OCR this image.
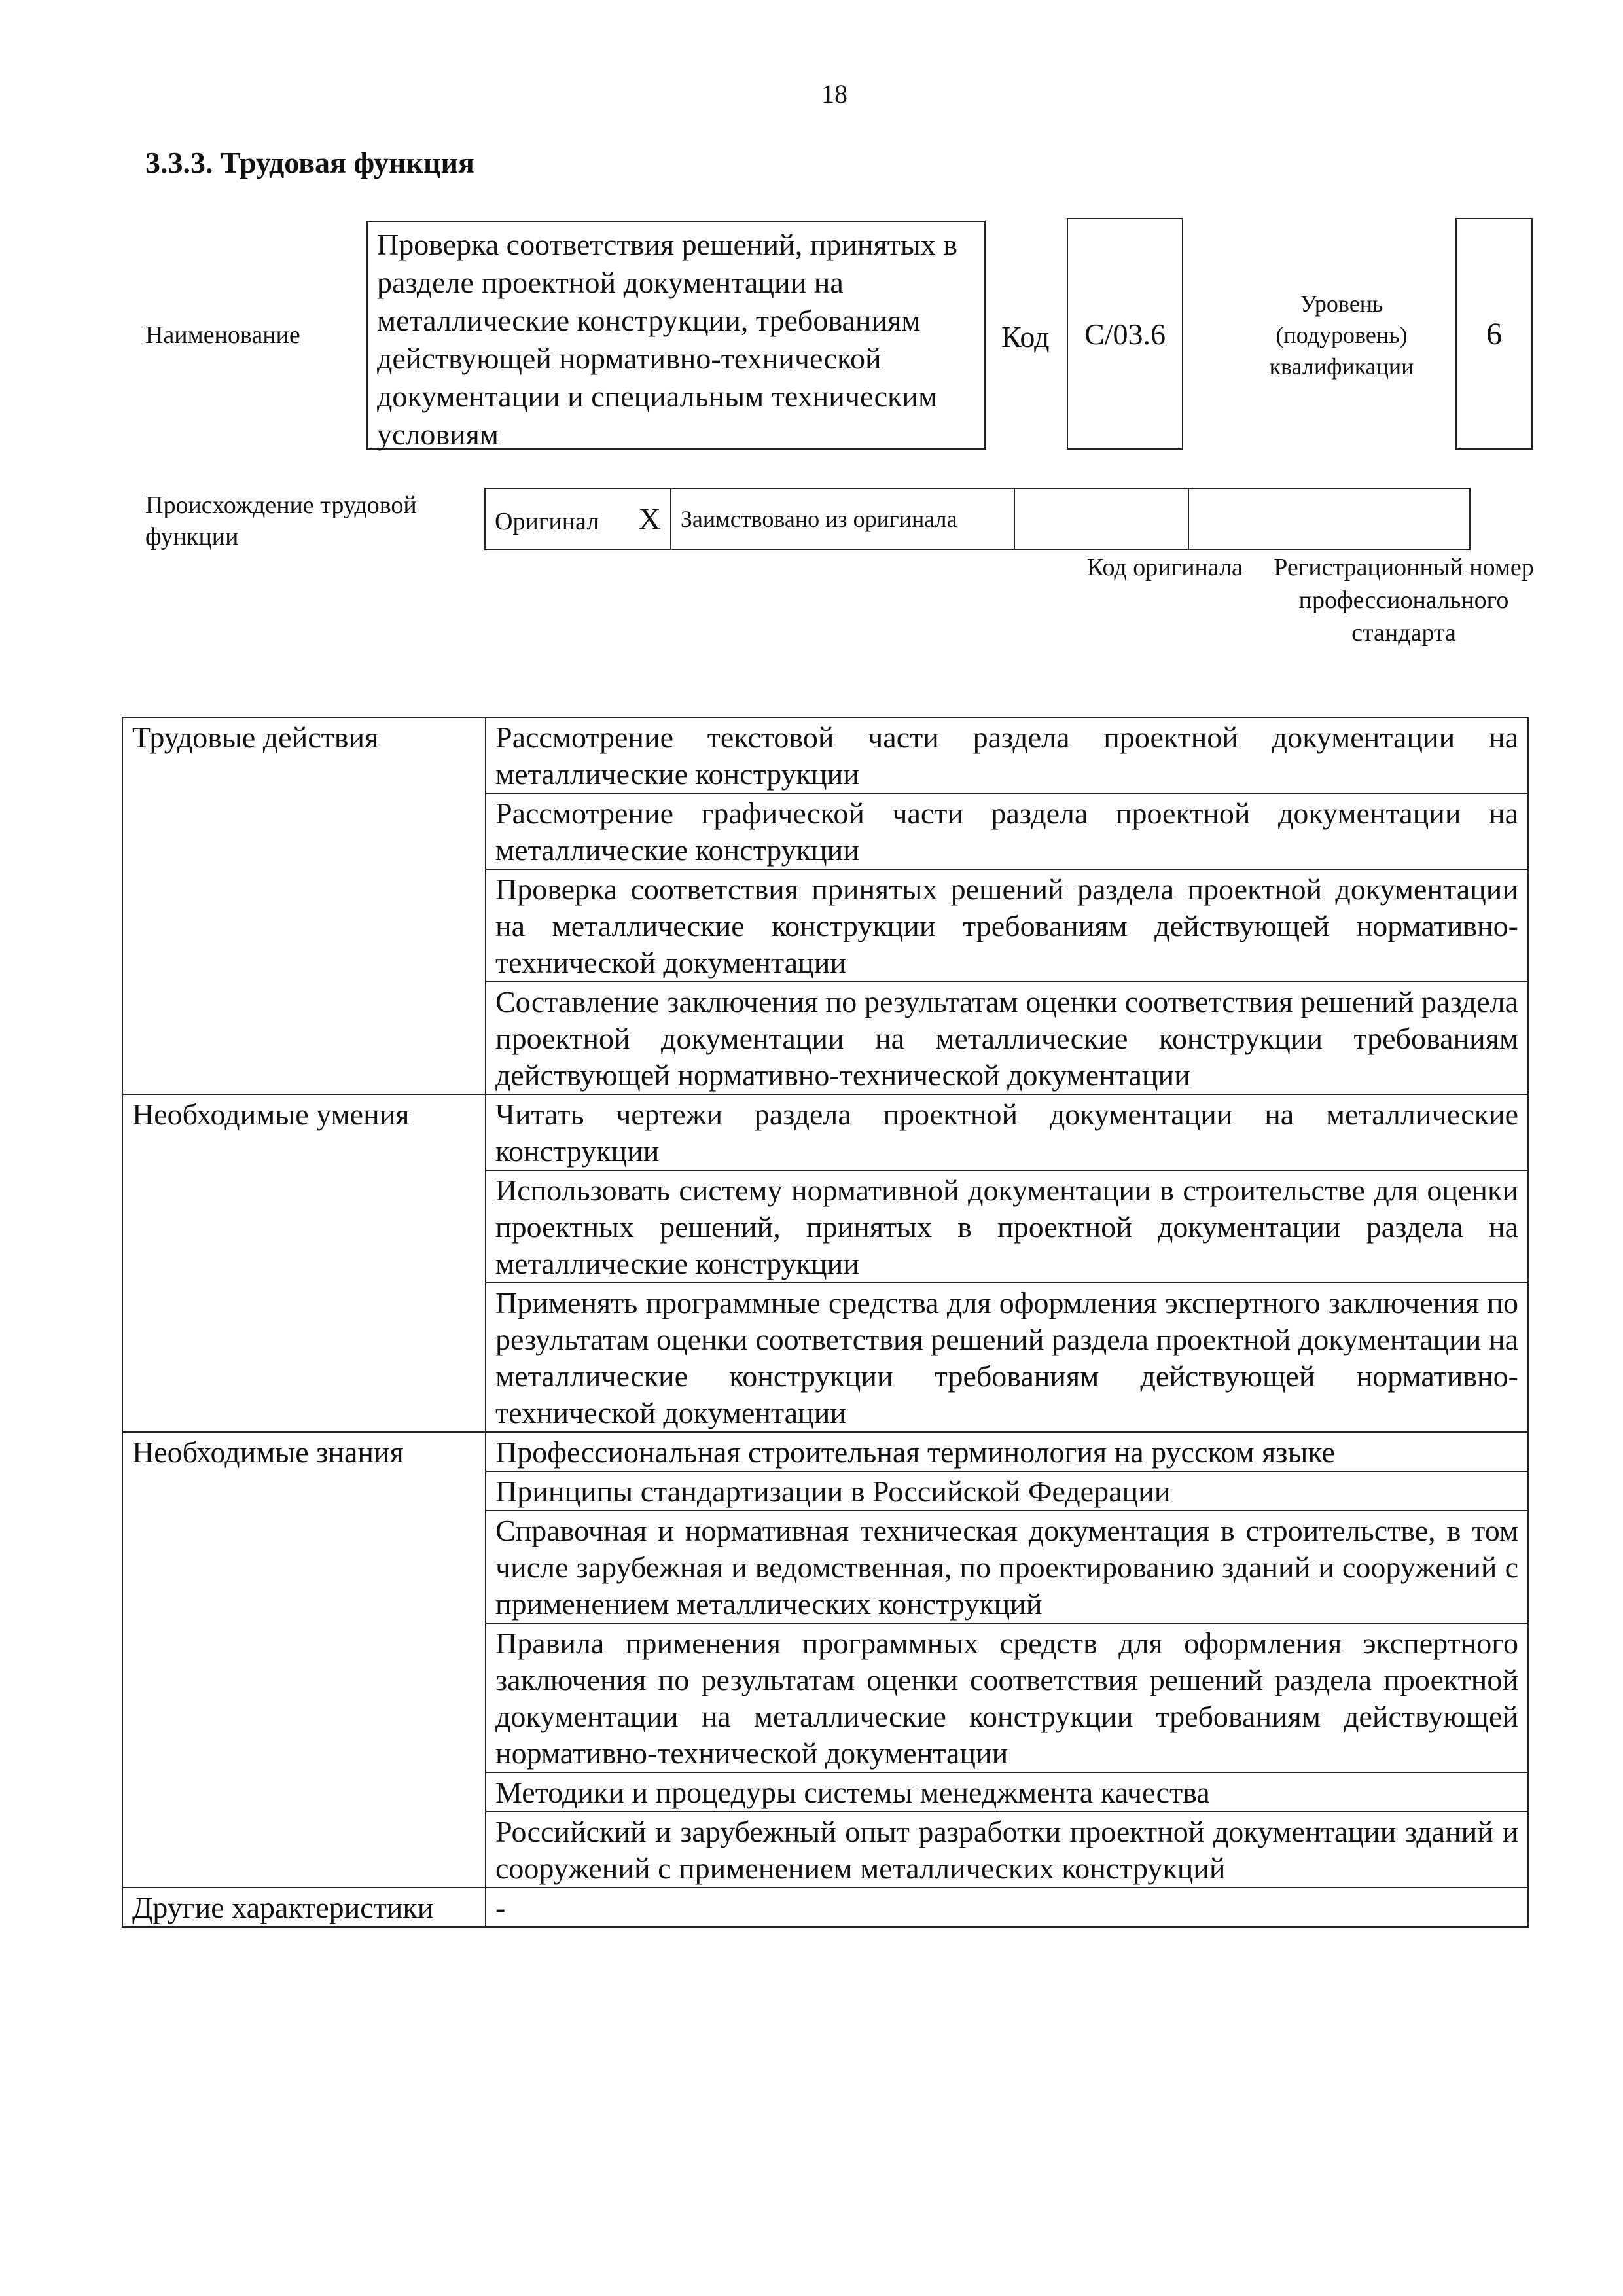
18
3.3.3. Трудовая функция
Наименование
Проверка соответствия решений, принятых в разделе проектной документации на металлические конструкции, требованиям действующей нормативно-технической документации и специальным техническим условиям
Код	С/03.6
Уровень (подуровень) квалификации
6
Происхождение трудовой функции
Оригинал X	Заимствовано из оригинала		
Код оригинала Регистрационный номер профессионального стандарта
Трудовые действия	Рассмотрение текстовой части раздела проектной документации на металлические конструкции
	Рассмотрение графической части раздела проектной документации на металлические конструкции
	Проверка соответствия принятых решений раздела проектной документации на металлические конструкции требованиям действующей нормативно-технической документации
	Составление заключения по результатам оценки соответствия решений раздела проектной документации на металлические конструкции требованиям действующей нормативно-технической документации
Необходимые умения	Читать чертежи раздела проектной документации на металлические конструкции
	Использовать систему нормативной документации в строительстве для оценки проектных решений, принятых в проектной документации раздела на металлические конструкции
	Применять программные средства для оформления экспертного заключения по результатам оценки соответствия решений раздела проектной документации на металлические конструкции требованиям действующей нормативно-технической документации
Необходимые знания	Профессиональная строительная терминология на русском языке
	Принципы стандартизации в Российской Федерации
	Справочная и нормативная техническая документация в строительстве, в том числе зарубежная и ведомственная, по проектированию зданий и сооружений с применением металлических конструкций
	Правила применения программных средств для оформления экспертного заключения по результатам оценки соответствия решений раздела проектной документации на металлические конструкции требованиям действующей нормативно-технической документации
	Методики и процедуры системы менеджмента качества
	Российский и зарубежный опыт разработки проектной документации зданий и сооружений с применением металлических конструкций
Другие характеристики	-
